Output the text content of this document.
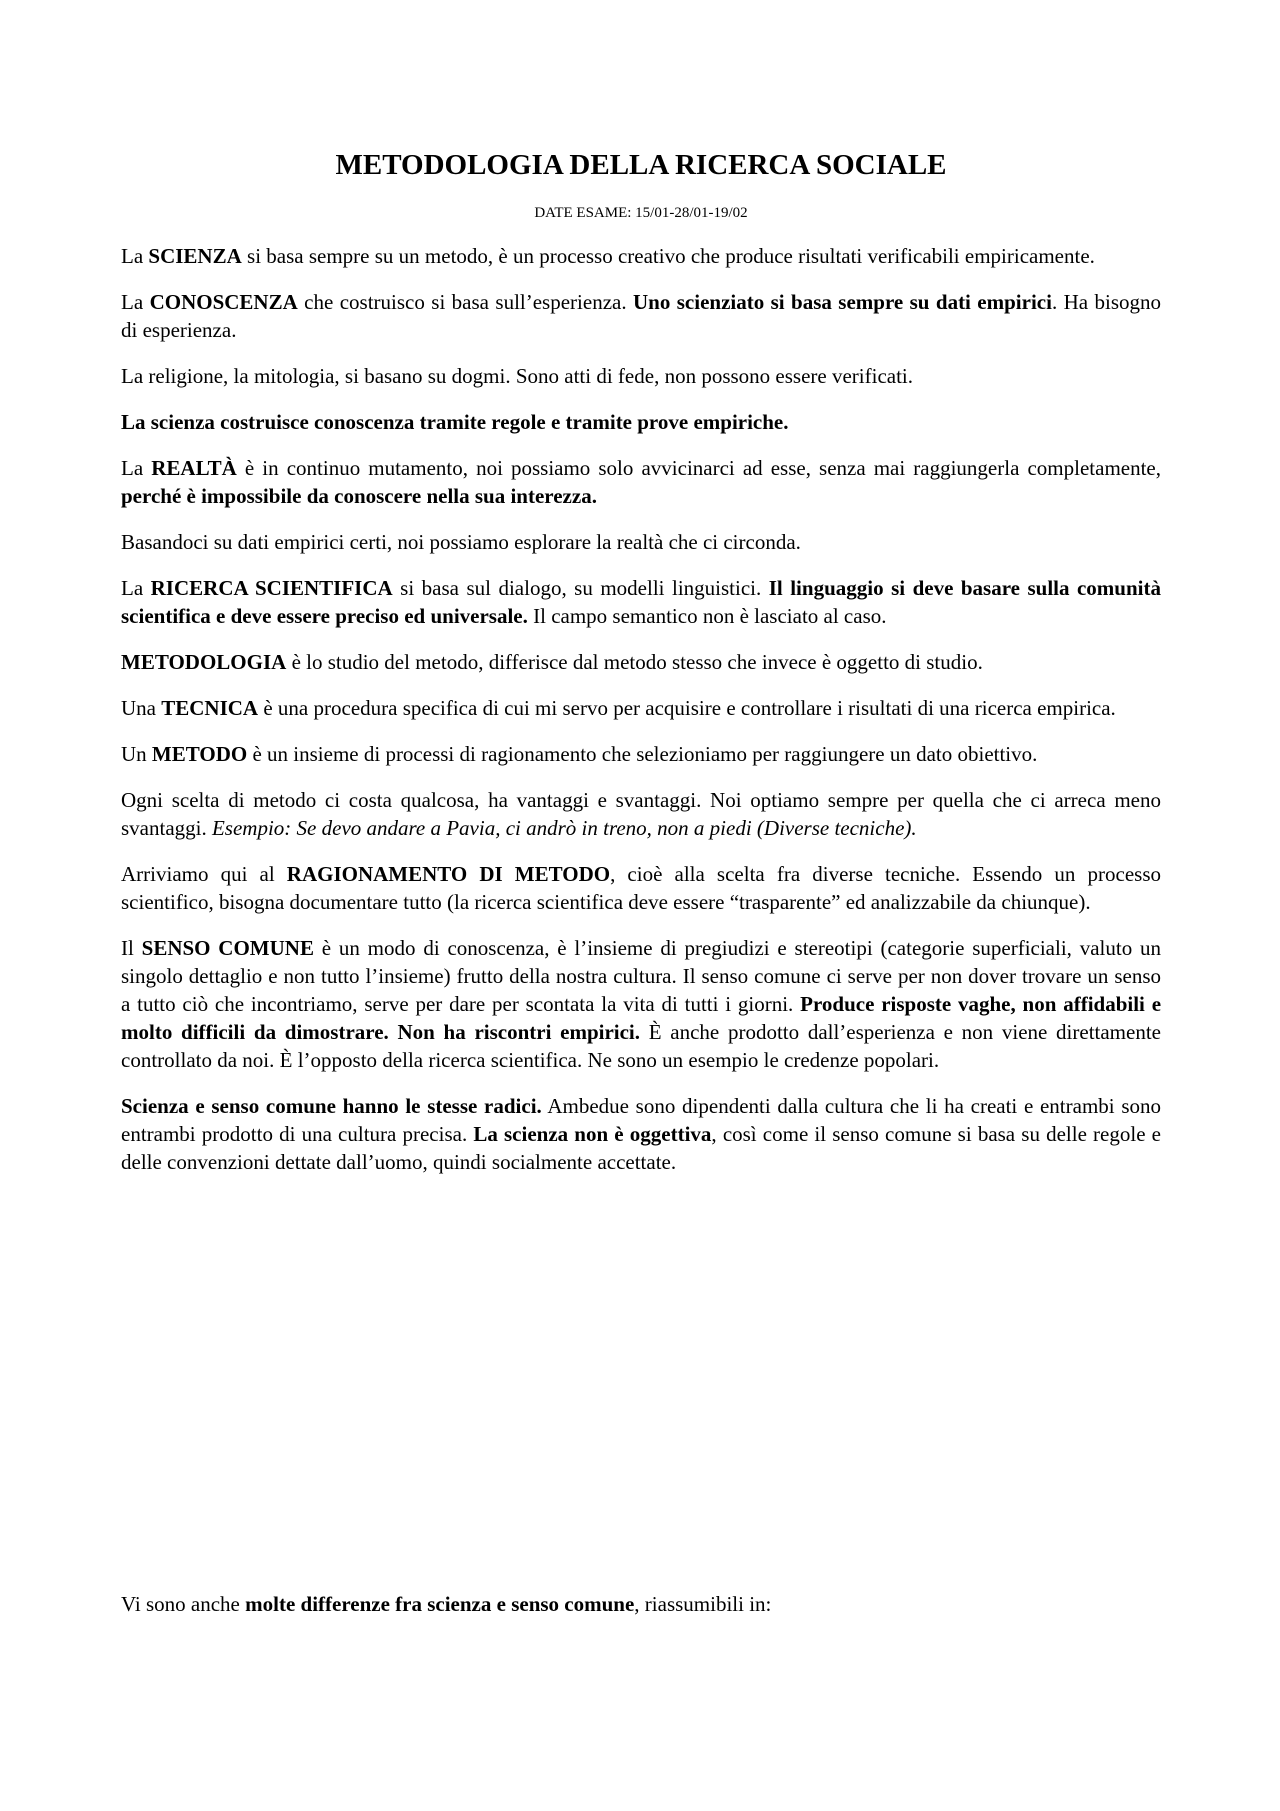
METODOLOGIA DELLA RICERCA SOCIALE
DATE ESAME: 15/01-28/01-19/02

La SCIENZA si basa sempre su un metodo, è un processo creativo che produce risultati verificabili empiricamente.

La CONOSCENZA che costruisco si basa sull’esperienza. Uno scienziato si basa sempre su dati empirici. Ha bisogno di esperienza.

La religione, la mitologia, si basano su dogmi. Sono atti di fede, non possono essere verificati.

La scienza costruisce conoscenza tramite regole e tramite prove empiriche.

La REALTÀ è in continuo mutamento, noi possiamo solo avvicinarci ad esse, senza mai raggiungerla completamente, perché è impossibile da conoscere nella sua interezza.

Basandoci su dati empirici certi, noi possiamo esplorare la realtà che ci circonda.

La RICERCA SCIENTIFICA si basa sul dialogo, su modelli linguistici. Il linguaggio si deve basare sulla comunità scientifica e deve essere preciso ed universale. Il campo semantico non è lasciato al caso.

METODOLOGIA è lo studio del metodo, differisce dal metodo stesso che invece è oggetto di studio.

Una TECNICA è una procedura specifica di cui mi servo per acquisire e controllare i risultati di una ricerca empirica.

Un METODO è un insieme di processi di ragionamento che selezioniamo per raggiungere un dato obiettivo.

Ogni scelta di metodo ci costa qualcosa, ha vantaggi e svantaggi. Noi optiamo sempre per quella che ci arreca meno svantaggi. Esempio: Se devo andare a Pavia, ci andrò in treno, non a piedi (Diverse tecniche).

Arriviamo qui al RAGIONAMENTO DI METODO, cioè alla scelta fra diverse tecniche. Essendo un processo scientifico, bisogna documentare tutto (la ricerca scientifica deve essere “trasparente” ed analizzabile da chiunque).

Il SENSO COMUNE è un modo di conoscenza, è l’insieme di pregiudizi e stereotipi (categorie superficiali, valuto un singolo dettaglio e non tutto l’insieme) frutto della nostra cultura. Il senso comune ci serve per non dover trovare un senso a tutto ciò che incontriamo, serve per dare per scontata la vita di tutti i giorni. Produce risposte vaghe, non affidabili e molto difficili da dimostrare. Non ha riscontri empirici. È anche prodotto dall’esperienza e non viene direttamente controllato da noi. È l’opposto della ricerca scientifica. Ne sono un esempio le credenze popolari.

Scienza e senso comune hanno le stesse radici. Ambedue sono dipendenti dalla cultura che li ha creati e entrambi sono entrambi prodotto di una cultura precisa. La scienza non è oggettiva, così come il senso comune si basa su delle regole e delle convenzioni dettate dall’uomo, quindi socialmente accettate.

Vi sono anche molte differenze fra scienza e senso comune, riassumibili in:
